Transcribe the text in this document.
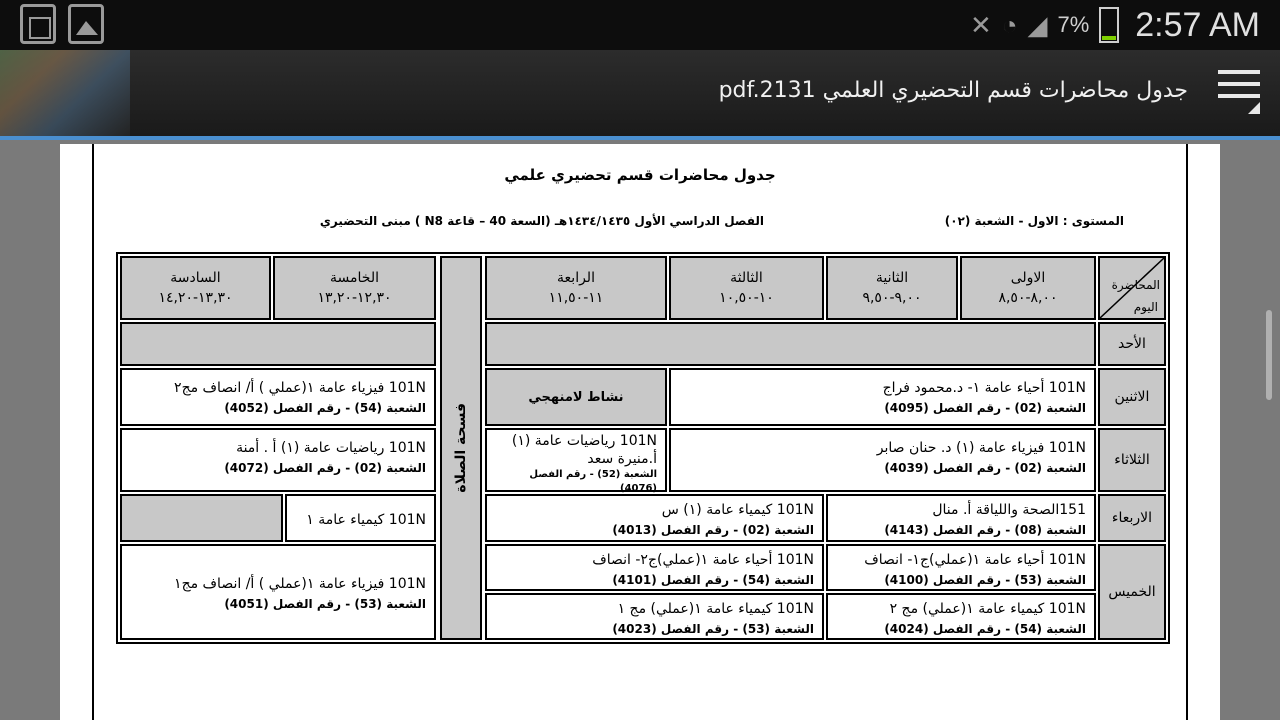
✕ ◔ ◢ 7% 2:57 AM
جدول محاضرات قسم التحضيري العلمي pdf.2131
جدول محاضرات قسم تحضيري علمي
المستوى : الاول - الشعبة (٠٢)
الفصل الدراسي الأول ١٤٣٤/١٤٣٥هـ (السعة 40 – قاعة N8 ) مبنى التحضيري
المحاضرة
اليوم
الاولى
٨,٠٠-٨,٥٠
الثانية
٩,٠٠-٩,٥٠
الثالثة
١٠-١٠,٥٠
الرابعة
١١-١١,٥٠
فسحة الصلاة
الخامسة
١٢,٣٠-١٣,٢٠
السادسة
١٣,٣٠-١٤,٢٠
الأحد
الاثنين
101N أحياء عامة ١- د.محمود فراج
الشعبة (02) - رقم الفصل (4095)
نشاط لامنهجي
101N فيزياء عامة ١(عملي ) أ/ انصاف مج٢
الشعبة (54) - رقم الفصل (4052)
الثلاثاء
101N فيزياء عامة (١) د. حنان صابر
الشعبة (02) - رقم الفصل (4039)
101N رياضيات عامة (١)
أ.منيرة سعد
الشعبة (52) - رقم الفصل (4076)
101N رياضيات عامة (١) أ . أمنة
الشعبة (02) - رقم الفصل (4072)
الاربعاء
151الصحة واللياقة أ. منال
الشعبة (08) - رقم الفصل (4143)
101N كيمياء عامة (١) س
الشعبة (02) - رقم الفصل (4013)
101N كيمياء عامة ١
الخميس
101N أحياء عامة ١(عملي)ج١- انصاف
الشعبة (53) - رقم الفصل (4100)
101N أحياء عامة ١(عملي)ج٢- انصاف
الشعبة (54) - رقم الفصل (4101)
101N كيمياء عامة ١(عملي) مج ٢
الشعبة (54) - رقم الفصل (4024)
101N كيمياء عامة ١(عملي) مج ١
الشعبة (53) - رقم الفصل (4023)
101N فيزياء عامة ١(عملي ) أ/ انصاف مج١
الشعبة (53) - رقم الفصل (4051)
